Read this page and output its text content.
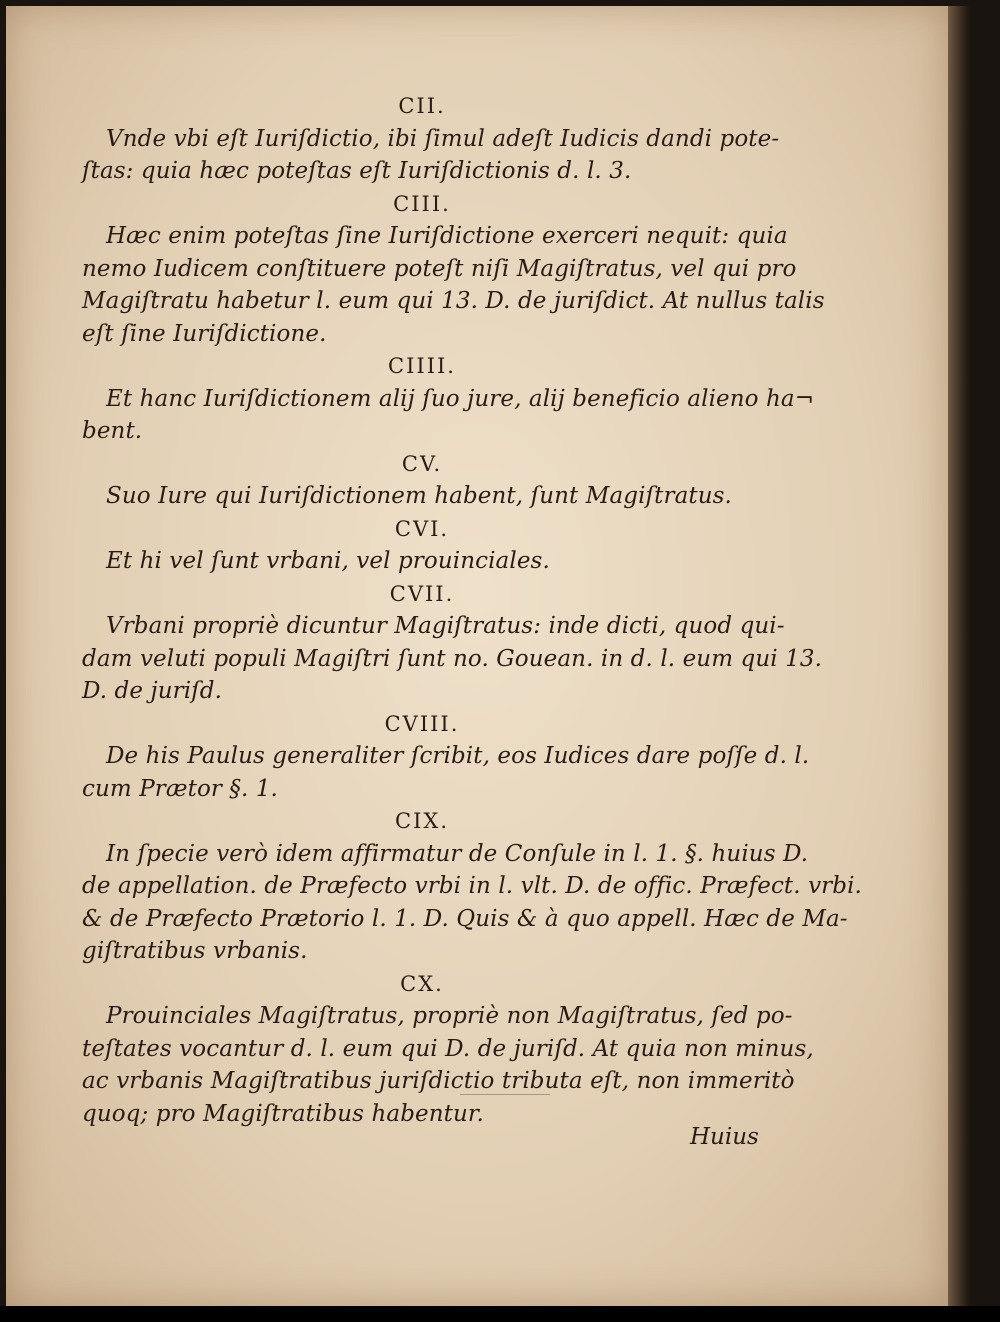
CII.
Vnde vbi eſt Iuriſdictio, ibi ſimul adeſt Iudicis dandi pote-
ſtas: quia hæc poteſtas eſt Iuriſdictionis d. l. 3.
CIII.
Hæc enim poteſtas ſine Iuriſdictione exerceri nequit: quia
nemo Iudicem conſtituere poteſt niſi Magiſtratus, vel qui pro
Magiſtratu habetur l. eum qui 13. D. de juriſdict. At nullus talis
eſt ſine Iuriſdictione.
CIIII.
Et hanc Iuriſdictionem alij ſuo jure, alij beneficio alieno ha¬
bent.
CV.
Suo Iure qui Iuriſdictionem habent, ſunt Magiſtratus.
CVI.
Et hi vel ſunt vrbani, vel prouinciales.
CVII.
Vrbani propriè dicuntur Magiſtratus: inde dicti, quod qui-
dam veluti populi Magiſtri ſunt no. Gouean. in d. l. eum qui 13.
D. de juriſd.
CVIII.
De his Paulus generaliter ſcribit, eos Iudices dare poſſe d. l.
cum Prætor §. 1.
CIX.
In ſpecie verò idem affirmatur de Conſule in l. 1. §. huius D.
de appellation. de Præfecto vrbi in l. vlt. D. de offic. Præfect. vrbi.
& de Præfecto Prætorio l. 1. D. Quis & à quo appell. Hæc de Ma-
giſtratibus vrbanis.
CX.
Prouinciales Magiſtratus, propriè non Magiſtratus, ſed po-
teſtates vocantur d. l. eum qui D. de juriſd. At quia non minus,
ac vrbanis Magiſtratibus juriſdictio tributa eſt, non immeritò
quoq; pro Magiſtratibus habentur.
Huius
